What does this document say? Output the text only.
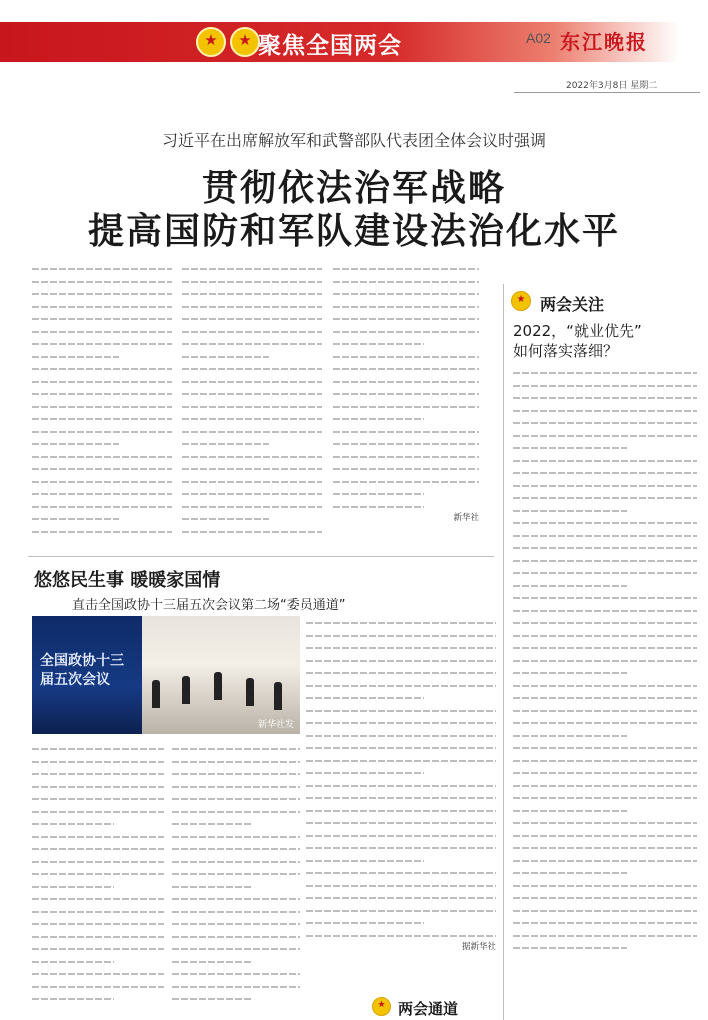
★
★
聚焦全国两会	A02 东江晚报
2022年3月8日 星期二
习近平在出席解放军和武警部队代表团全体会议时强调
贯彻依法治军战略
提高国防和军队建设法治化水平

新华社

★
两会关注
2022，“就业优先”
如何落实落细？
悠悠民生事 暖暖家国情
直击全国政协十三届五次会议第二场“委员通道”
全国政协十三届五次会议
新华社发

据新华社

★
两会通道
